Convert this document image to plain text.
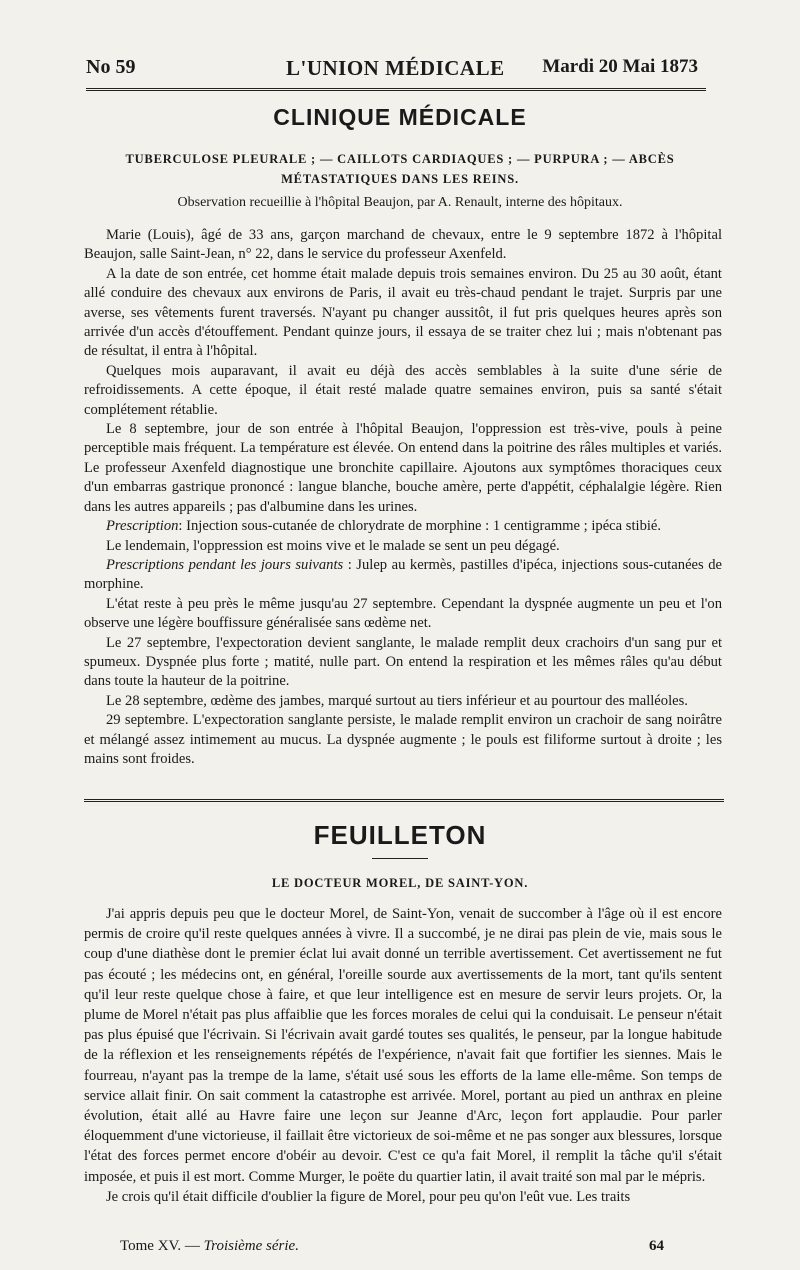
No 59	L'UNION MÉDICALE Mardi 20 Mai 1873
CLINIQUE MÉDICALE
TUBERCULOSE PLEURALE ; — CAILLOTS CARDIAQUES ; — PURPURA ; — ABCÈS
MÉTASTATIQUES DANS LES REINS.
Observation recueillie à l'hôpital Beaujon, par A. Renault, interne des hôpitaux.

Marie (Louis), âgé de 33 ans, garçon marchand de chevaux, entre le 9 septembre 1872 à l'hôpital Beaujon, salle Saint-Jean, n° 22, dans le service du professeur Axenfeld.

A la date de son entrée, cet homme était malade depuis trois semaines environ. Du 25 au 30 août, étant allé conduire des chevaux aux environs de Paris, il avait eu très-chaud pendant le trajet. Surpris par une averse, ses vêtements furent traversés. N'ayant pu changer aussitôt, il fut pris quelques heures après son arrivée d'un accès d'étouffement. Pendant quinze jours, il essaya de se traiter chez lui ; mais n'obtenant pas de résultat, il entra à l'hôpital.

Quelques mois auparavant, il avait eu déjà des accès semblables à la suite d'une série de refroidissements. A cette époque, il était resté malade quatre semaines environ, puis sa santé s'était complétement rétablie.

Le 8 septembre, jour de son entrée à l'hôpital Beaujon, l'oppression est très-vive, pouls à peine perceptible mais fréquent. La température est élevée. On entend dans la poitrine des râles multiples et variés. Le professeur Axenfeld diagnostique une bronchite capillaire. Ajoutons aux symptômes thoraciques ceux d'un embarras gastrique prononcé : langue blanche, bouche amère, perte d'appétit, céphalalgie légère. Rien dans les autres appareils ; pas d'albumine dans les urines.

Prescription: Injection sous-cutanée de chlorydrate de morphine : 1 centigramme ; ipéca stibié.

Le lendemain, l'oppression est moins vive et le malade se sent un peu dégagé.

Prescriptions pendant les jours suivants : Julep au kermès, pastilles d'ipéca, injections sous-cutanées de morphine.

L'état reste à peu près le même jusqu'au 27 septembre. Cependant la dyspnée augmente un peu et l'on observe une légère bouffissure généralisée sans œdème net.

Le 27 septembre, l'expectoration devient sanglante, le malade remplit deux crachoirs d'un sang pur et spumeux. Dyspnée plus forte ; matité, nulle part. On entend la respiration et les mêmes râles qu'au début dans toute la hauteur de la poitrine.

Le 28 septembre, œdème des jambes, marqué surtout au tiers inférieur et au pourtour des malléoles.

29 septembre. L'expectoration sanglante persiste, le malade remplit environ un crachoir de sang noirâtre et mélangé assez intimement au mucus. La dyspnée augmente ; le pouls est filiforme surtout à droite ; les mains sont froides.

FEUILLETON
LE DOCTEUR MOREL, DE SAINT-YON.

J'ai appris depuis peu que le docteur Morel, de Saint-Yon, venait de succomber à l'âge où il est encore permis de croire qu'il reste quelques années à vivre. Il a succombé, je ne dirai pas plein de vie, mais sous le coup d'une diathèse dont le premier éclat lui avait donné un terrible avertissement. Cet avertissement ne fut pas écouté ; les médecins ont, en général, l'oreille sourde aux avertissements de la mort, tant qu'ils sentent qu'il leur reste quelque chose à faire, et que leur intelligence est en mesure de servir leurs projets. Or, la plume de Morel n'était pas plus affaiblie que les forces morales de celui qui la conduisait. Le penseur n'était pas plus épuisé que l'écrivain. Si l'écrivain avait gardé toutes ses qualités, le penseur, par la longue habitude de la réflexion et les renseignements répétés de l'expérience, n'avait fait que fortifier les siennes. Mais le fourreau, n'ayant pas la trempe de la lame, s'était usé sous les efforts de la lame elle-même. Son temps de service allait finir. On sait comment la catastrophe est arrivée. Morel, portant au pied un anthrax en pleine évolution, était allé au Havre faire une leçon sur Jeanne d'Arc, leçon fort applaudie. Pour parler éloquemment d'une victorieuse, il faillait être victorieux de soi-même et ne pas songer aux blessures, lorsque l'état des forces permet encore d'obéir au devoir. C'est ce qu'a fait Morel, il remplit la tâche qu'il s'était imposée, et puis il est mort. Comme Murger, le poëte du quartier latin, il avait traité son mal par le mépris.

Je crois qu'il était difficile d'oublier la figure de Morel, pour peu qu'on l'eût vue. Les traits

Tome XV. — Troisième série.	64
